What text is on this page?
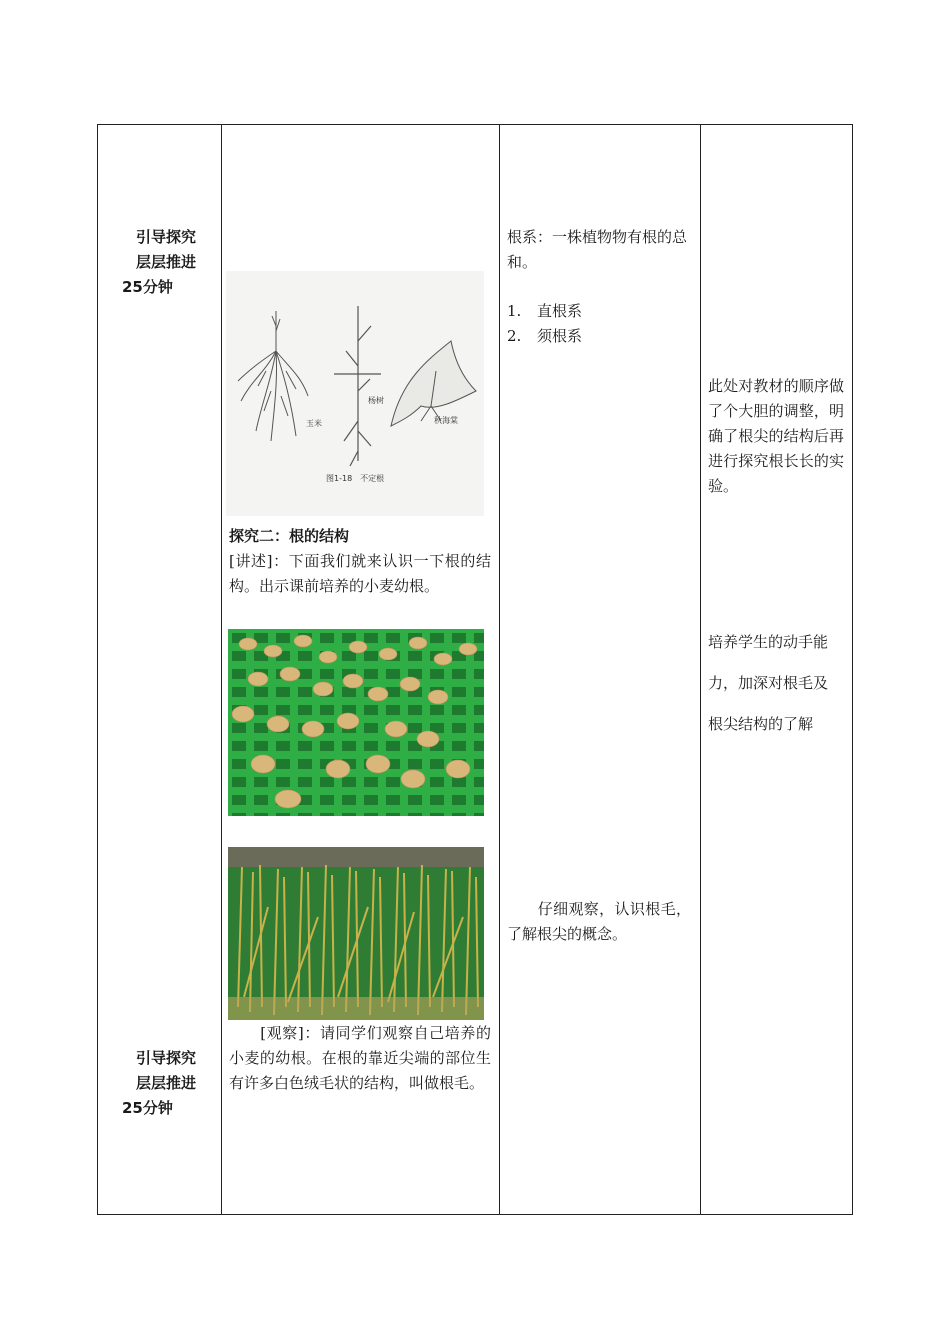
引导探究
层层推进
25分钟
引导探究
层层推进
25分钟
玉米
杨树
秋海棠
图1-18　不定根
探究二：根的结构
[讲述]：下面我们就来认识一下根的结构。出示课前培养的小麦幼根。
　　[观察]：请同学们观察自己培养的小麦的幼根。在根的靠近尖端的部位生有许多白色绒毛状的结构，叫做根毛。
根系：一株植物物有根的总和。
1. 直根系
2. 须根系
　　仔细观察，认识根毛，了解根尖的概念。
此处对教材的顺序做了个大胆的调整，明确了根尖的结构后再进行探究根长长的实验。
培养学生的动手能
力，加深对根毛及
根尖结构的了解
